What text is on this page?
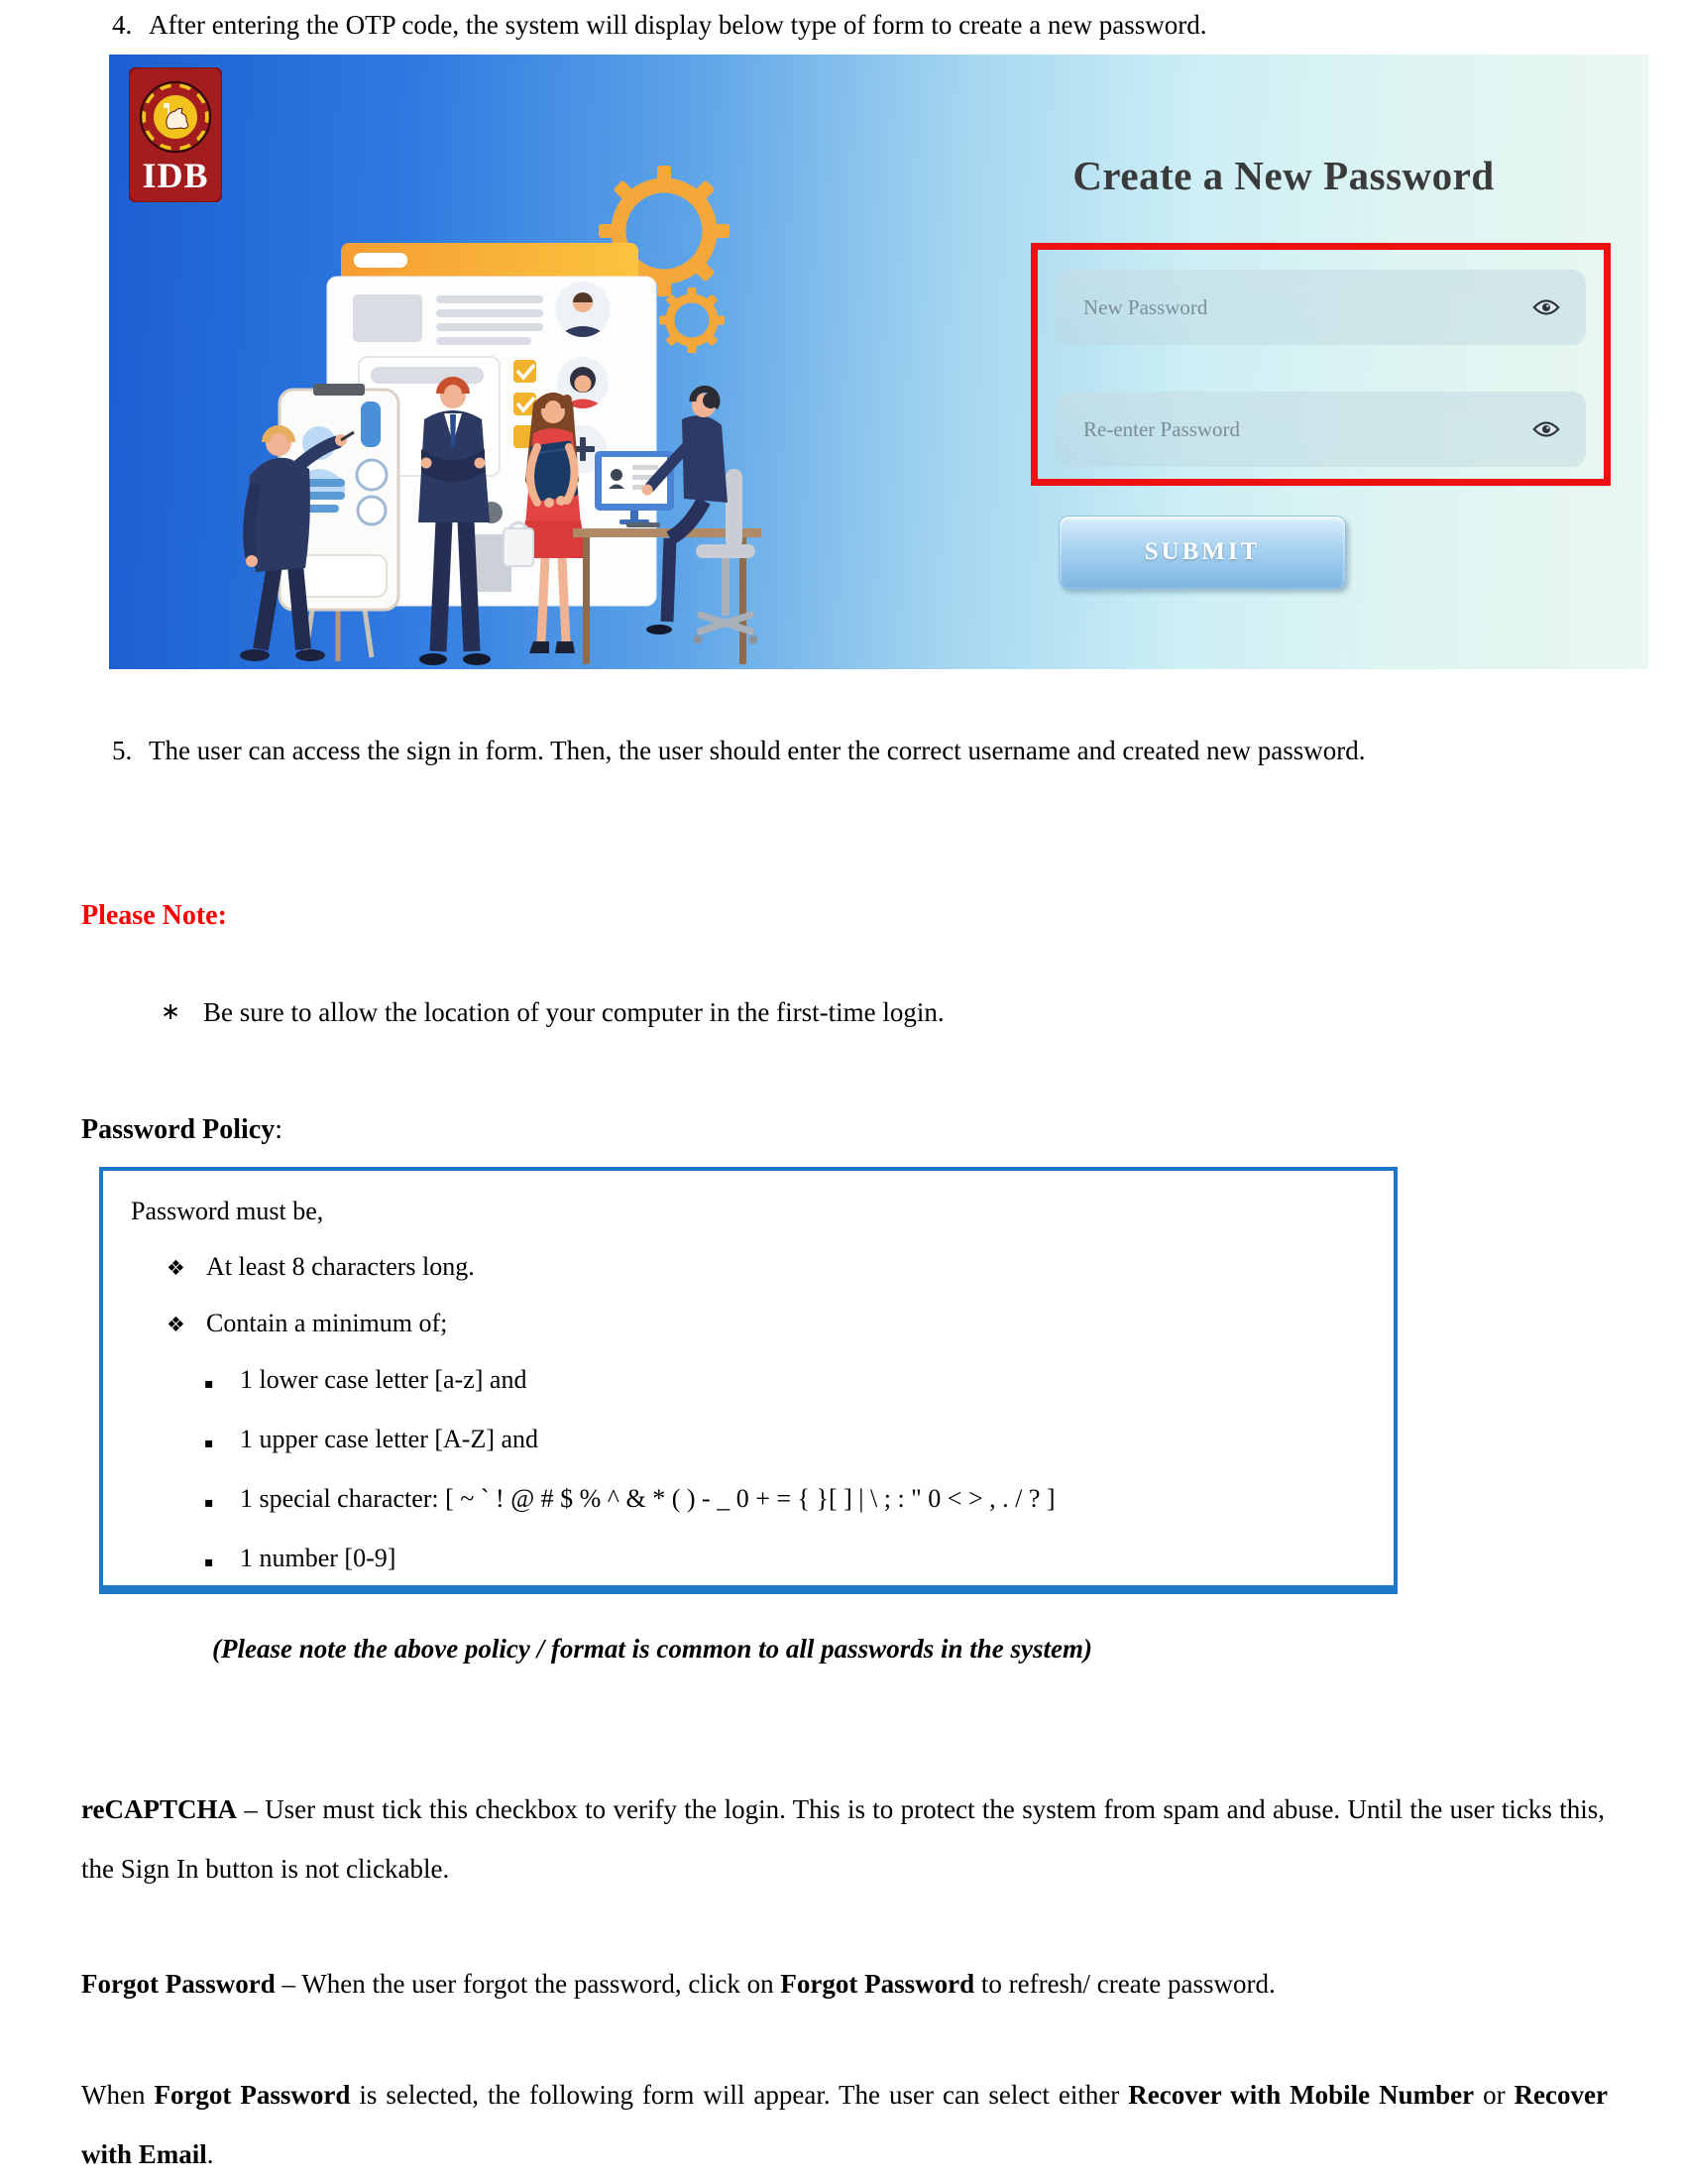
4. After entering the OTP code, the system will display below type of form to create a new password.
IDB	Create a New Password
New Password
Re-enter Password
SUBMIT
5. The user can access the sign in form. Then, the user should enter the correct username and created new password.
Please Note:
∗ Be sure to allow the location of your computer in the first-time login.
Password Policy:
Password must be,
❖ At least 8 characters long.
❖ Contain a minimum of;
▪	1 lower case letter [a-z] and
▪	1 upper case letter [A-Z] and
▪	1 special character: [ ~ ` ! @ # $ % ^ & * ( ) - _ 0 + = { }[ ] | \ ; : " 0 < > , . / ? ]
▪	1 number [0-9]
(Please note the above policy / format is common to all passwords in the system)

reCAPTCHA – User must tick this checkbox to verify the login. This is to protect the system from spam and abuse. Until the user ticks this, the Sign In button is not clickable.

Forgot Password – When the user forgot the password, click on Forgot Password to refresh/ create password.

When Forgot Password is selected, the following form will appear. The user can select either Recover with Mobile Number or Recover with Email.
